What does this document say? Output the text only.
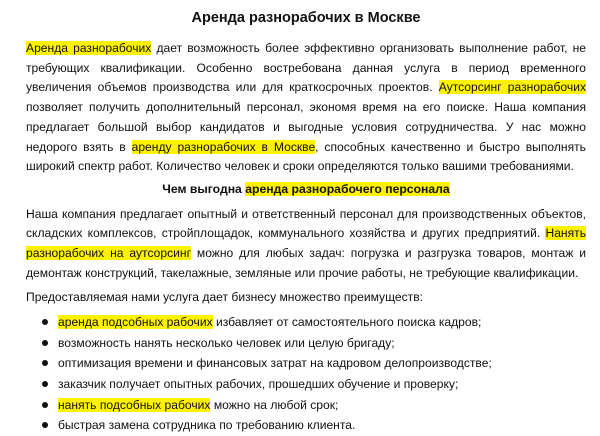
Аренда разнорабочих в Москве

Аренда разнорабочих дает возможность более эффективно организовать выполнение работ, не требующих квалификации. Особенно востребована данная услуга в период временного увеличения объемов производства или для краткосрочных проектов. Аутсорсинг разнорабочих позволяет получить дополнительный персонал, экономя время на его поиске. Наша компания предлагает большой выбор кандидатов и выгодные условия сотрудничества. У нас можно недорого взять в аренду разнорабочих в Москве, способных качественно и быстро выполнять широкий спектр работ. Количество человек и сроки определяются только вашими требованиями.

Чем выгодна аренда разнорабочего персонала

Наша компания предлагает опытный и ответственный персонал для производственных объектов, складских комплексов, стройплощадок, коммунального хозяйства и других предприятий. Нанять разнорабочих на аутсорсинг можно для любых задач: погрузка и разгрузка товаров, монтаж и демонтаж конструкций, такелажные, земляные или прочие работы, не требующие квалификации.

Предоставляемая нами услуга дает бизнесу множество преимуществ:

аренда подсобных рабочих избавляет от самостоятельного поиска кадров;
возможность нанять несколько человек или целую бригаду;
оптимизация времени и финансовых затрат на кадровом делопроизводстве;
заказчик получает опытных рабочих, прошедших обучение и проверку;
нанять подсобных рабочих можно на любой срок;
быстрая замена сотрудника по требованию клиента.
